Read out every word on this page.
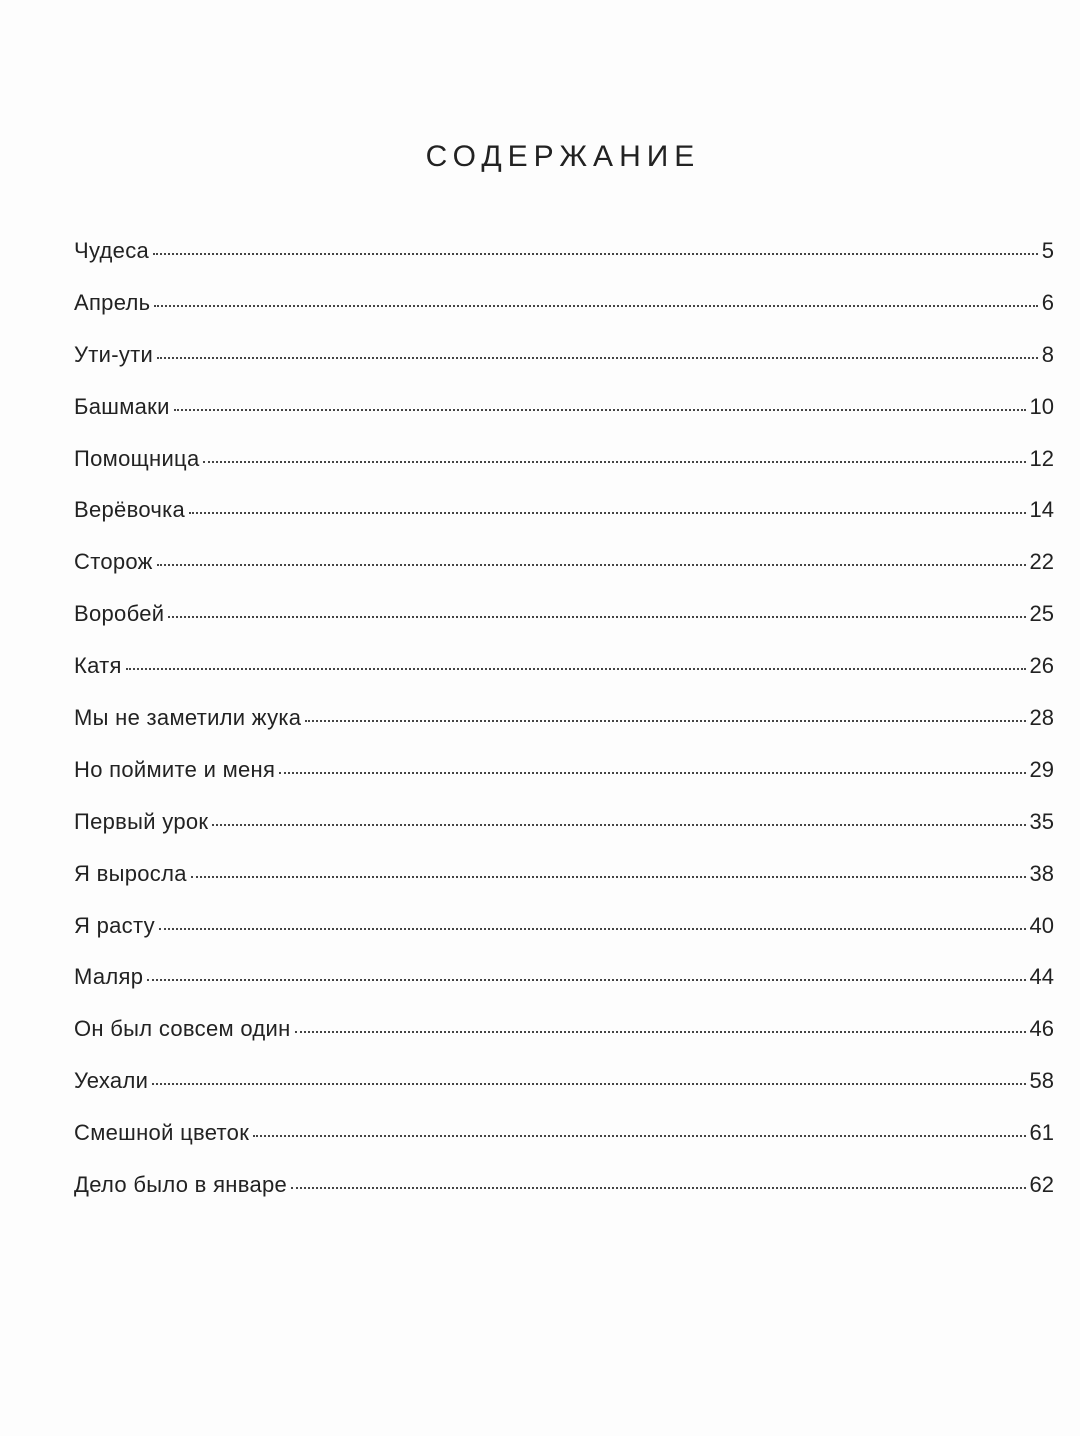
СОДЕРЖАНИЕ
Чудеса	5
Апрель	6
Ути-ути	8
Башмаки	10
Помощница	12
Верёвочка	14
Сторож	22
Воробей	25
Катя	26
Мы не заметили жука	28
Но поймите и меня	29
Первый урок	35
Я выросла	38
Я расту	40
Маляр	44
Он был совсем один	46
Уехали	58
Смешной цветок	61
Дело было в январе	62
